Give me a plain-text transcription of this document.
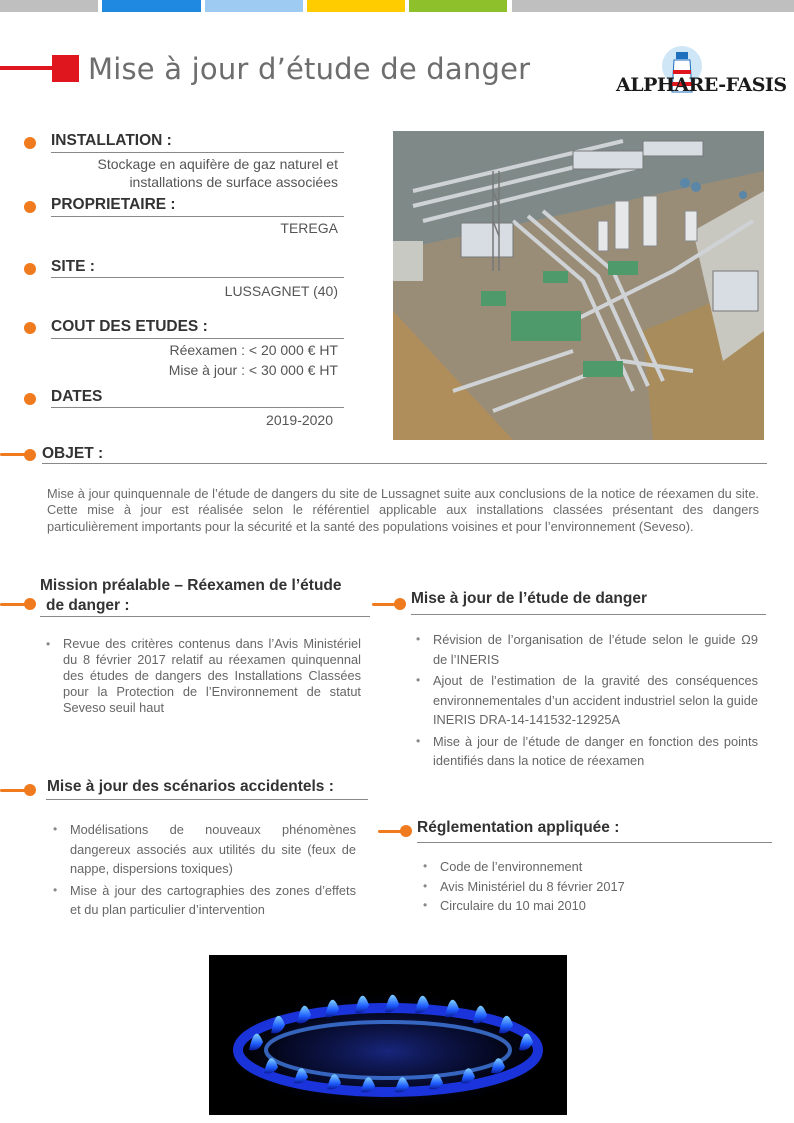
Mise à jour d’étude de danger	ALPHARE-FASIS
INSTALLATION :
Stockage en aquifère de gaz naturel et
installations de surface associées
PROPRIETAIRE :
TEREGA
SITE :
LUSSAGNET (40)
COUT DES ETUDES :
Réexamen : < 20 000 € HT
Mise à jour : < 30 000 € HT
DATES
2019-2020
OBJET :

Mise à jour quinquennale de l’étude de dangers du site de Lussagnet suite aux conclusions de la notice de réexamen du site. Cette mise à jour est réalisée selon le référentiel applicable aux installations classées présentant des dangers particulièrement importants pour la sécurité et la santé des populations voisines et pour l’environnement (Seveso).

Mission préalable – Réexamen de l’étude
de danger :
• Revue des critères contenus dans l’Avis Ministériel du 8 février 2017 relatif au réexamen quinquennal des études de dangers des Installations Classées pour la Protection de l’Environnement de statut Seveso seuil haut
Mise à jour de l’étude de danger
• Révision de l’organisation de l’étude selon le guide Ω9 de l’INERIS
• Ajout de l’estimation de la gravité des conséquences environnementales d’un accident industriel selon la guide INERIS DRA-14-141532-12925A
• Mise à jour de l’étude de danger en fonction des points identifiés dans la notice de réexamen
Mise à jour des scénarios accidentels :
• Modélisations de nouveaux phénomènes dangereux associés aux utilités du site (feux de nappe, dispersions toxiques)
• Mise à jour des cartographies des zones d’effets et du plan particulier d’intervention
Réglementation appliquée :
• Code de l’environnement
• Avis Ministériel du 8 février 2017
• Circulaire du 10 mai 2010
